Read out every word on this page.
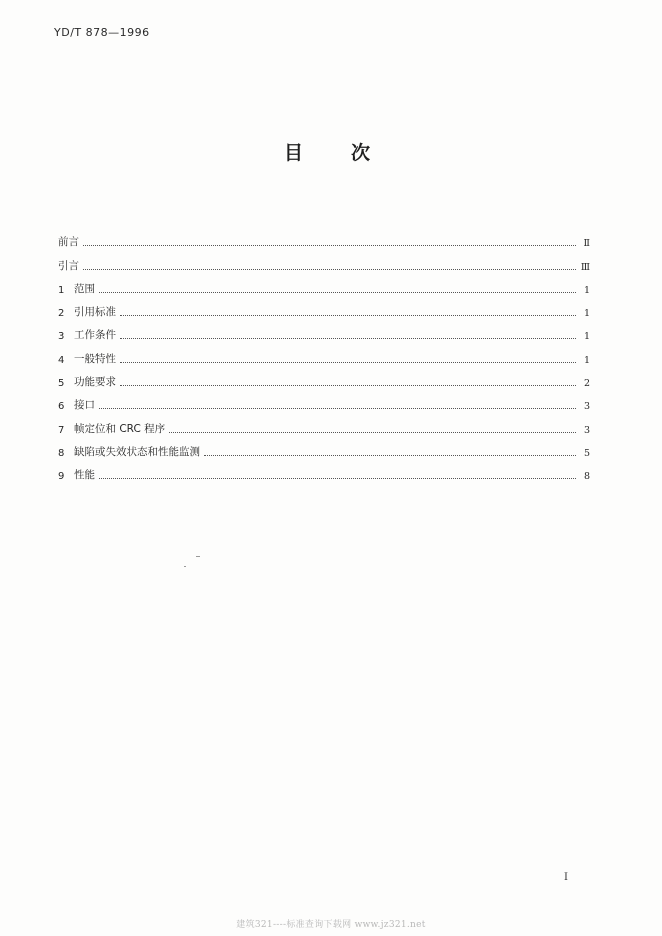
YD/T 878—1996
目次
前言	Ⅱ
引言	Ⅲ
1 范围	1
2 引用标准	1
3 工作条件	1
4 一般特性	1
5 功能要求	2
6 接口	3
7 帧定位和 CRC 程序	3
8 缺陷或失效状态和性能监测	5
9 性能	8
I
建筑321----标准查询下载网 www.jz321.net
